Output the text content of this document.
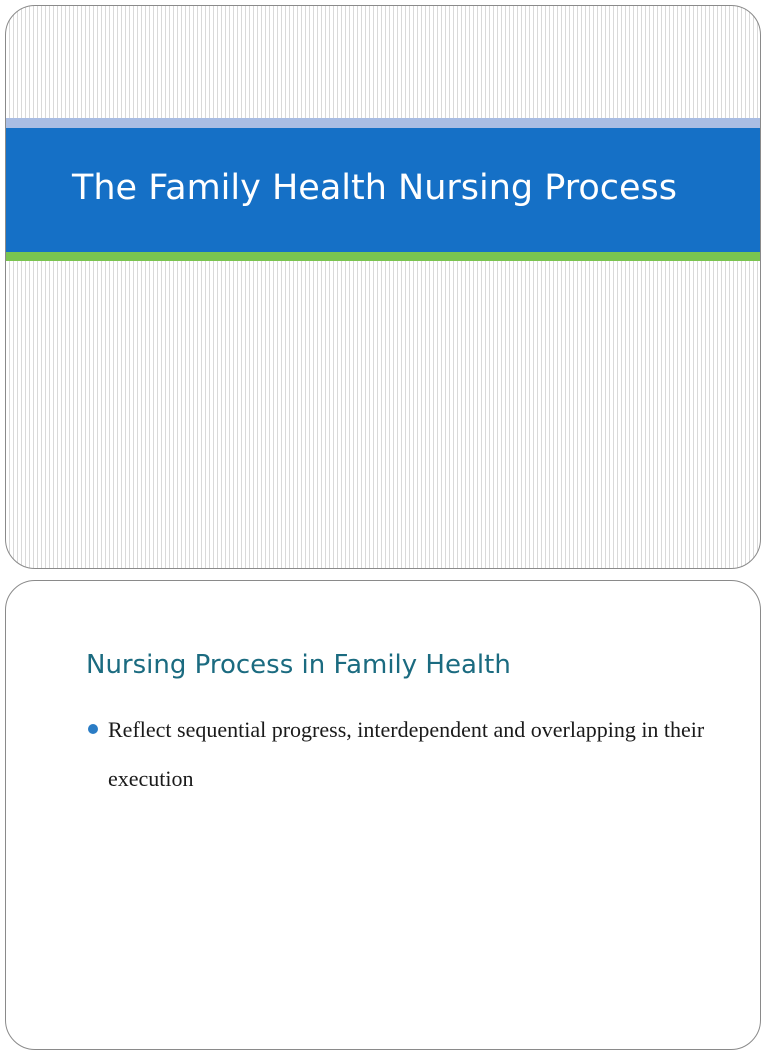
The Family Health Nursing Process
Nursing Process in Family Health
Reflect sequential progress, interdependent and overlapping in their execution
